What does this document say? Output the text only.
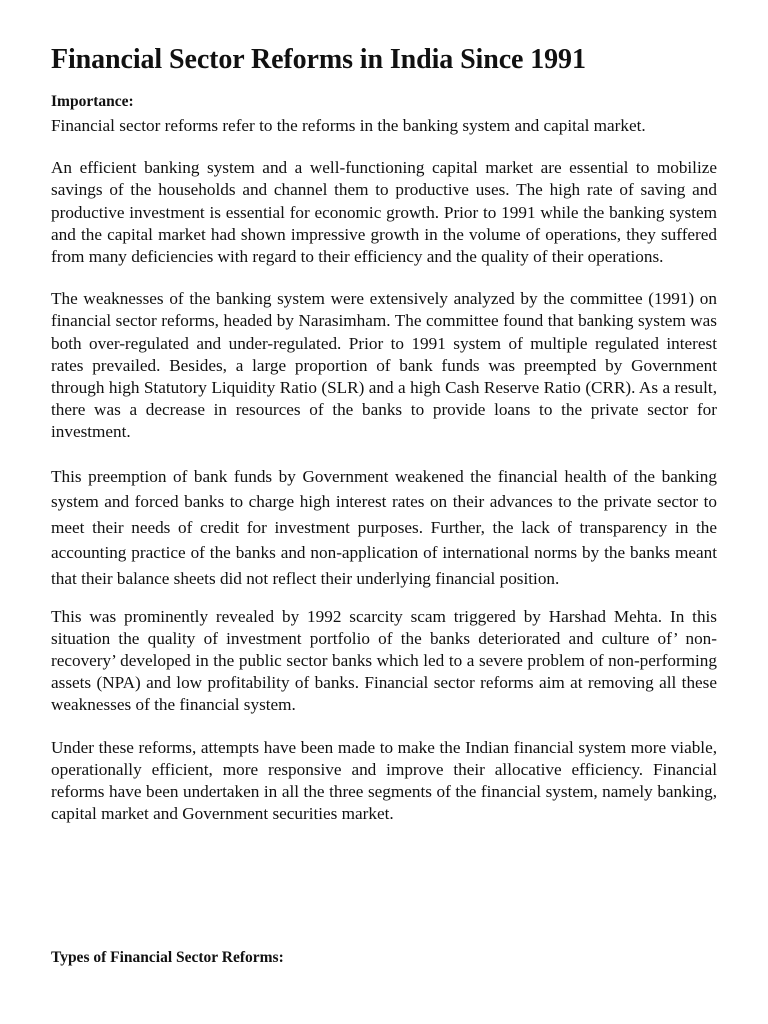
Financial Sector Reforms in India Since 1991
Importance:

Financial sector reforms refer to the reforms in the banking system and capital market.

An efficient banking system and a well-functioning capital market are essential to mobilize savings of the households and channel them to productive uses. The high rate of saving and productive investment is essential for economic growth. Prior to 1991 while the banking system and the capital market had shown impressive growth in the volume of operations, they suffered from many deficiencies with regard to their efficiency and the quality of their operations.

The weaknesses of the banking system were extensively analyzed by the committee (1991) on financial sector reforms, headed by Narasimham. The committee found that banking system was both over-regulated and under-regulated. Prior to 1991 system of multiple regulated interest rates prevailed. Besides, a large proportion of bank funds was preempted by Government through high Statutory Liquidity Ratio (SLR) and a high Cash Reserve Ratio (CRR). As a result, there was a decrease in resources of the banks to provide loans to the private sector for investment.

This preemption of bank funds by Government weakened the financial health of the banking system and forced banks to charge high interest rates on their advances to the private sector to meet their needs of credit for investment purposes. Further, the lack of transparency in the accounting practice of the banks and non-application of international norms by the banks meant that their balance sheets did not reflect their underlying financial position.

This was prominently revealed by 1992 scarcity scam triggered by Harshad Mehta. In this situation the quality of investment portfolio of the banks deteriorated and culture of’ non-recovery’ developed in the public sector banks which led to a severe problem of non-performing assets (NPA) and low profitability of banks. Financial sector reforms aim at removing all these weaknesses of the financial system.

Under these reforms, attempts have been made to make the Indian financial system more viable, operationally efficient, more responsive and improve their allocative efficiency. Financial reforms have been undertaken in all the three segments of the financial system, namely banking, capital market and Government securities market.

Types of Financial Sector Reforms:
